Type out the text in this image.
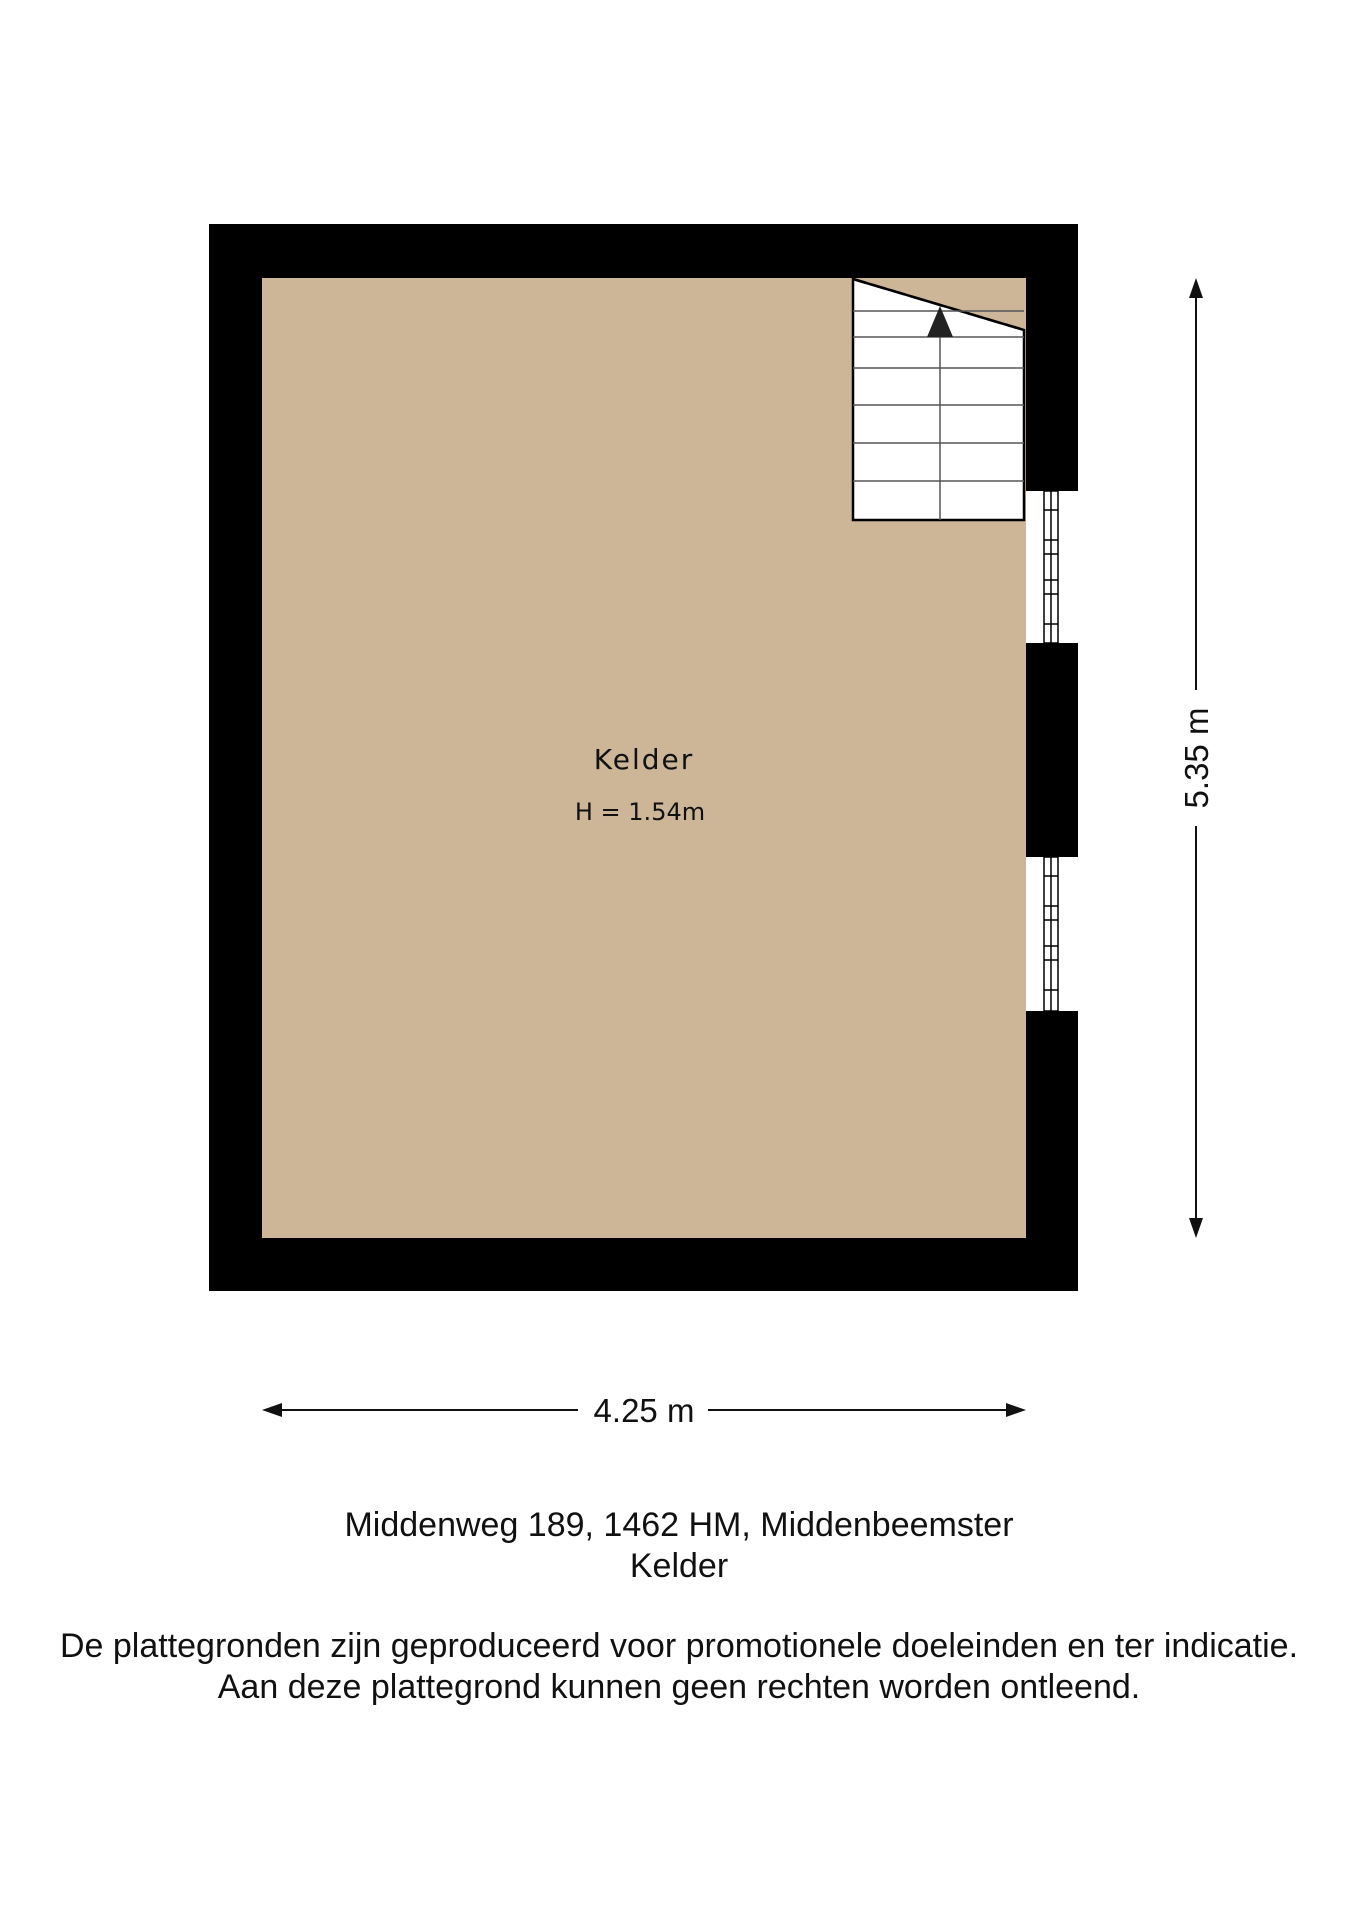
Kelder
H = 1.54m
4.25 m
5.35 m
Middenweg 189, 1462 HM, Middenbeemster
Kelder
De plattegronden zijn geproduceerd voor promotionele doeleinden en ter indicatie.
Aan deze plattegrond kunnen geen rechten worden ontleend.
